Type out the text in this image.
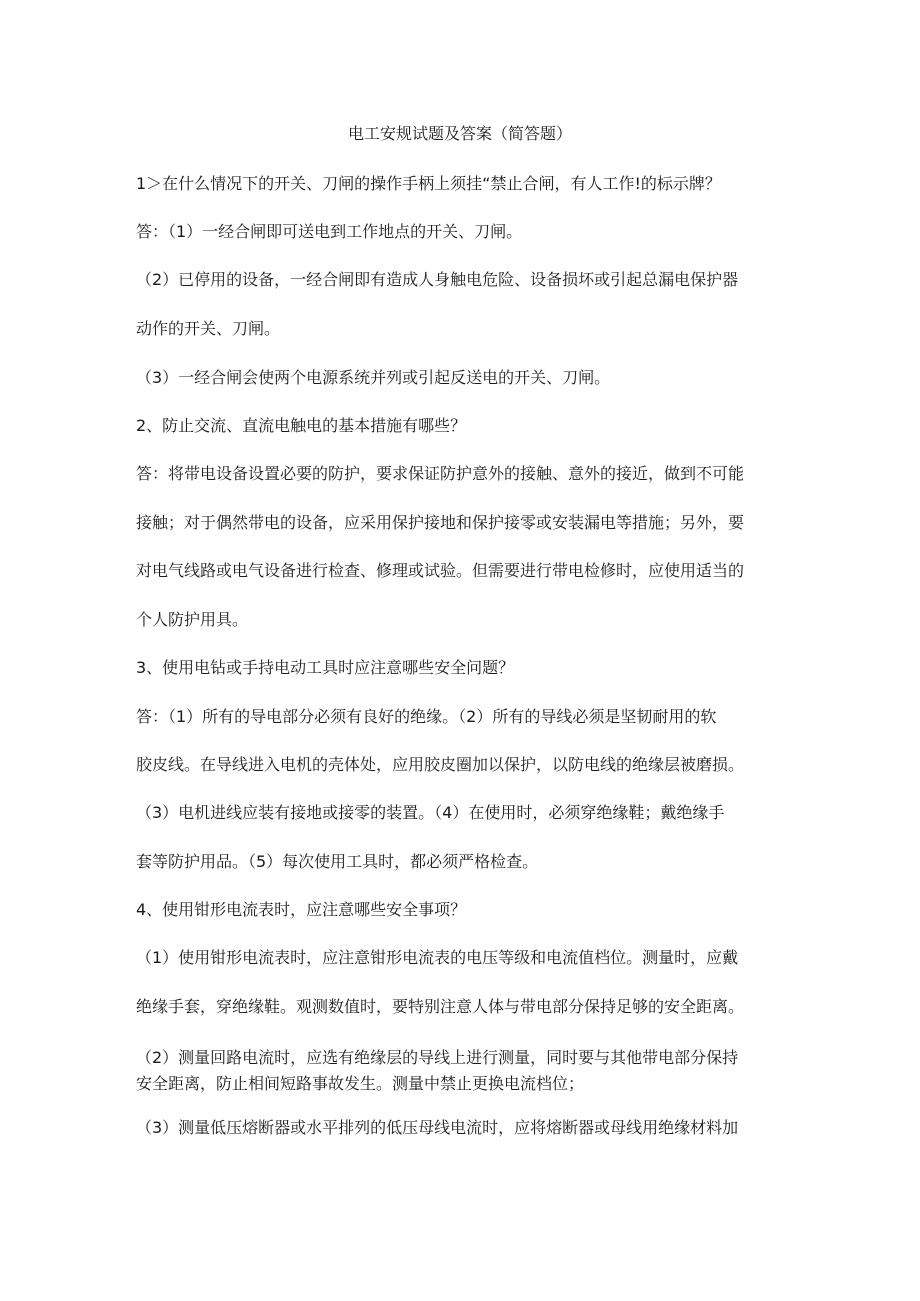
电工安规试题及答案（简答题）
1＞在什么情况下的开关、刀闸的操作手柄上须挂“禁止合闸，有人工作!的标示牌？
答：（1）一经合闸即可送电到工作地点的开关、刀闸。
（2）已停用的设备，一经合闸即有造成人身触电危险、设备损坏或引起总漏电保护器
动作的开关、刀闸。
（3）一经合闸会使两个电源系统并列或引起反送电的开关、刀闸。
2、防止交流、直流电触电的基本措施有哪些？
答：将带电设备设置必要的防护，要求保证防护意外的接触、意外的接近，做到不可能
接触；对于偶然带电的设备，应采用保护接地和保护接零或安装漏电等措施；另外，要
对电气线路或电气设备进行检查、修理或试验。但需要进行带电检修时，应使用适当的
个人防护用具。
3、使用电钻或手持电动工具时应注意哪些安全问题？
答：（1）所有的导电部分必须有良好的绝缘。（2）所有的导线必须是坚韧耐用的软
胶皮线。在导线进入电机的壳体处，应用胶皮圈加以保护，以防电线的绝缘层被磨损。
（3）电机进线应装有接地或接零的装置。（4）在使用时，必须穿绝缘鞋；戴绝缘手
套等防护用品。（5）每次使用工具时，都必须严格检查。
4、使用钳形电流表时，应注意哪些安全事项？
（1）使用钳形电流表时，应注意钳形电流表的电压等级和电流值档位。测量时，应戴
绝缘手套，穿绝缘鞋。观测数值时，要特别注意人体与带电部分保持足够的安全距离。
（2）测量回路电流时，应选有绝缘层的导线上进行测量，同时要与其他带电部分保持
安全距离，防止相间短路事故发生。测量中禁止更换电流档位；
（3）测量低压熔断器或水平排列的低压母线电流时，应将熔断器或母线用绝缘材料加
